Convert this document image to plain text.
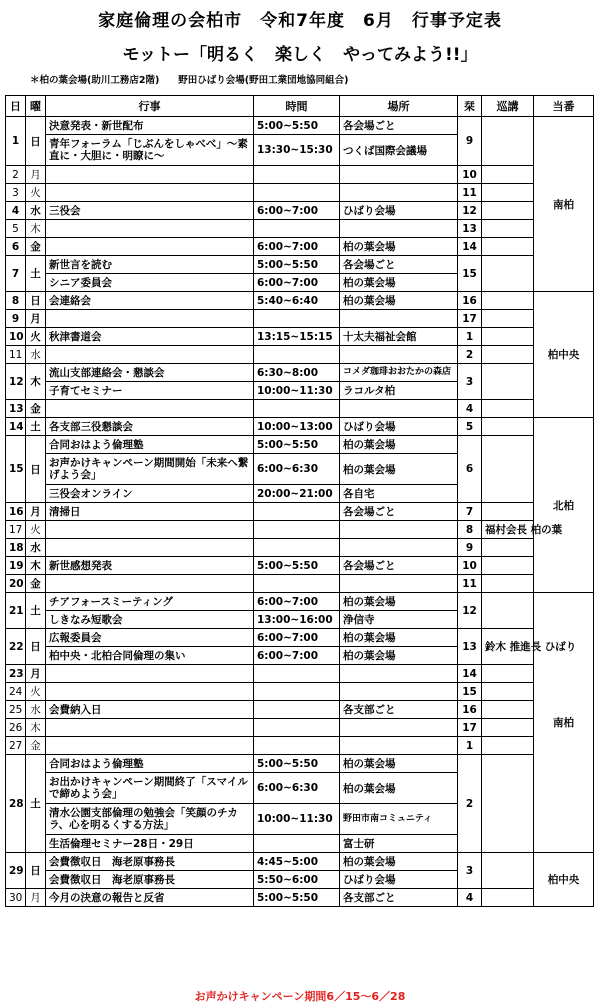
家庭倫理の会柏市　令和7年度　6月　行事予定表
モットー「明るく　楽しく　やってみよう!!」
＊柏の葉会場(助川工務店2階)　　野田ひばり会場(野田工業団地協同組合)
日	曜	行事	時間	場所	栞	巡講	当番
1	日	決意発表・新世配布	5:00~5:50	各会場ごと	9		南柏
		青年フォーラム「じぶんをしゃべべ」～素直に・大胆に・明瞭に～	13:30~15:30	つくば国際会議場			
2	月				10		
3	火				11		
4	水	三役会	6:00~7:00	ひばり会場	12		
5	木				13		
6	金		6:00~7:00	柏の葉会場	14		
7	土	新世言を読む	5:00~5:50	各会場ごと	15		
		シニア委員会	6:00~7:00	柏の葉会場			
8	日	会連絡会	5:40~6:40	柏の葉会場	16		柏中央
9	月				17		
10	火	秋津書道会	13:15~15:15	十太夫福祉会館	1		
11	水				2		
12	木	流山支部連絡会・懇談会	6:30~8:00	コメダ珈琲おおたかの森店	3		
		子育てセミナー	10:00~11:30	ラコルタ柏			
13	金				4		
14	土	各支部三役懇談会	10:00~13:00	ひばり会場	5		北柏
15	日	合同おはよう倫理塾	5:00~5:50	柏の葉会場	6		
		お声かけキャンペーン期間開始「未来へ繋げよう会」	6:00~6:30	柏の葉会場			
		三役会オンライン	20:00~21:00	各自宅			
16	月	清掃日		各会場ごと	7		
17	火				8	福村会長 柏の葉	
18	水				9		
19	木	新世感想発表	5:00~5:50	各会場ごと	10		
20	金				11		
21	土	チアフォースミーティング	6:00~7:00	柏の葉会場	12		南柏
		しきなみ短歌会	13:00~16:00	浄信寺			
22	日	広報委員会	6:00~7:00	柏の葉会場	13	鈴木 推進長 ひばり	
		柏中央・北柏合同倫理の集い	6:00~7:00	柏の葉会場			
23	月				14		
24	火				15		
25	水	会費納入日		各支部ごと	16		
26	木				17		
27	金				1		
28	土	合同おはよう倫理塾	5:00~5:50	柏の葉会場	2		
		お出かけキャンペーン期間終了「スマイルで締めよう会」	6:00~6:30	柏の葉会場			
		清水公園支部倫理の勉強会「笑顔のチカラ、心を明るくする方法」	10:00~11:30	野田市南コミュニティ			
		生活倫理セミナー28日・29日		富士研			
29	日	会費徴収日　海老原事務長	4:45~5:00	柏の葉会場	3		柏中央
		会費徴収日　海老原事務長	5:50~6:00	ひばり会場			
30	月	今月の決意の報告と反省	5:00~5:50	各支部ごと	4		
お声かけキャンペーン期間6／15～6／28
